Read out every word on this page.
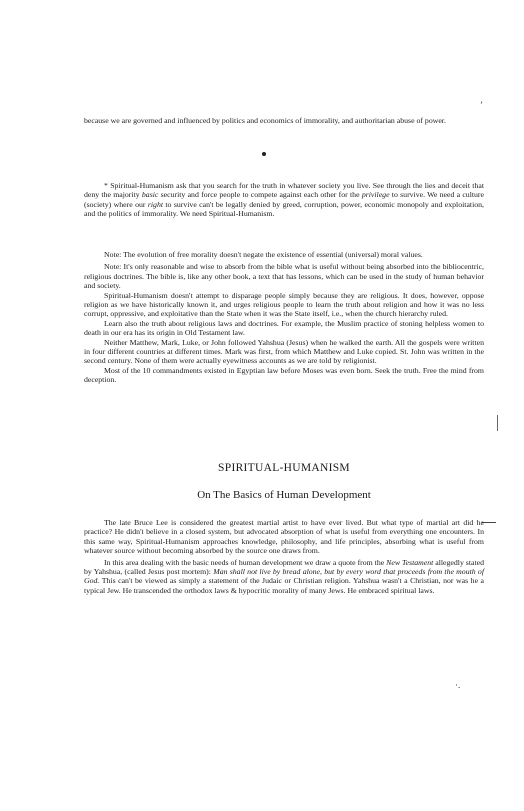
ʼ

because we are governed and influenced by politics and economics of immorality, and authoritarian abuse of power.

* Spiritual-Humanism ask that you search for the truth in whatever society you live. See through the lies and deceit that deny the majority basic security and force people to compete against each other for the privilege to survive. We need a culture (society) where our right to survive can't be legally denied by greed, corruption, power, economic monopoly and exploitation, and the politics of immorality. We need Spiritual-Humanism.

Note: The evolution of free morality doesn't negate the existence of essential (universal) moral values.

Note: It's only reasonable and wise to absorb from the bible what is useful without being absorbed into the bibliocentric, religious doctrines. The bible is, like any other book, a text that has lessons, which can be used in the study of human behavior and society.

Spiritual-Humanism doesn't attempt to disparage people simply because they are religious. It does, however, oppose religion as we have historically known it, and urges religious people to learn the truth about religion and how it was no less corrupt, oppressive, and exploitative than the State when it was the State itself, i.e., when the church hierarchy ruled.

Learn also the truth about religious laws and doctrines. For example, the Muslim practice of stoning helpless women to death in our era has its origin in Old Testament law.

Neither Matthew, Mark, Luke, or John followed Yahshua (Jesus) when he walked the earth. All the gospels were written in four different countries at different times. Mark was first, from which Matthew and Luke copied. St. John was written in the second century. None of them were actually eyewitness accounts as we are told by religionist.

Most of the 10 commandments existed in Egyptian law before Moses was even born. Seek the truth. Free the mind from deception.

SPIRITUAL-HUMANISM
On The Basics of Human Development

The late Bruce Lee is considered the greatest martial artist to have ever lived. But what type of martial art did he practice? He didn't believe in a closed system, but advocated absorption of what is useful from everything one encounters. In this same way, Spiritual-Humanism approaches knowledge, philosophy, and life principles, absorbing what is useful from whatever source without becoming absorbed by the source one draws from.

In this area dealing with the basic needs of human development we draw a quote from the New Testament allegedly stated by Yahshua, (called Jesus post mortem): Man shall not live by bread alone, but by every word that proceeds from the mouth of God. This can't be viewed as simply a statement of the Judaic or Christian religion. Yahshua wasn't a Christian, nor was he a typical Jew. He transcended the orthodox laws & hypocritic morality of many Jews. He embraced spiritual laws.

·.
